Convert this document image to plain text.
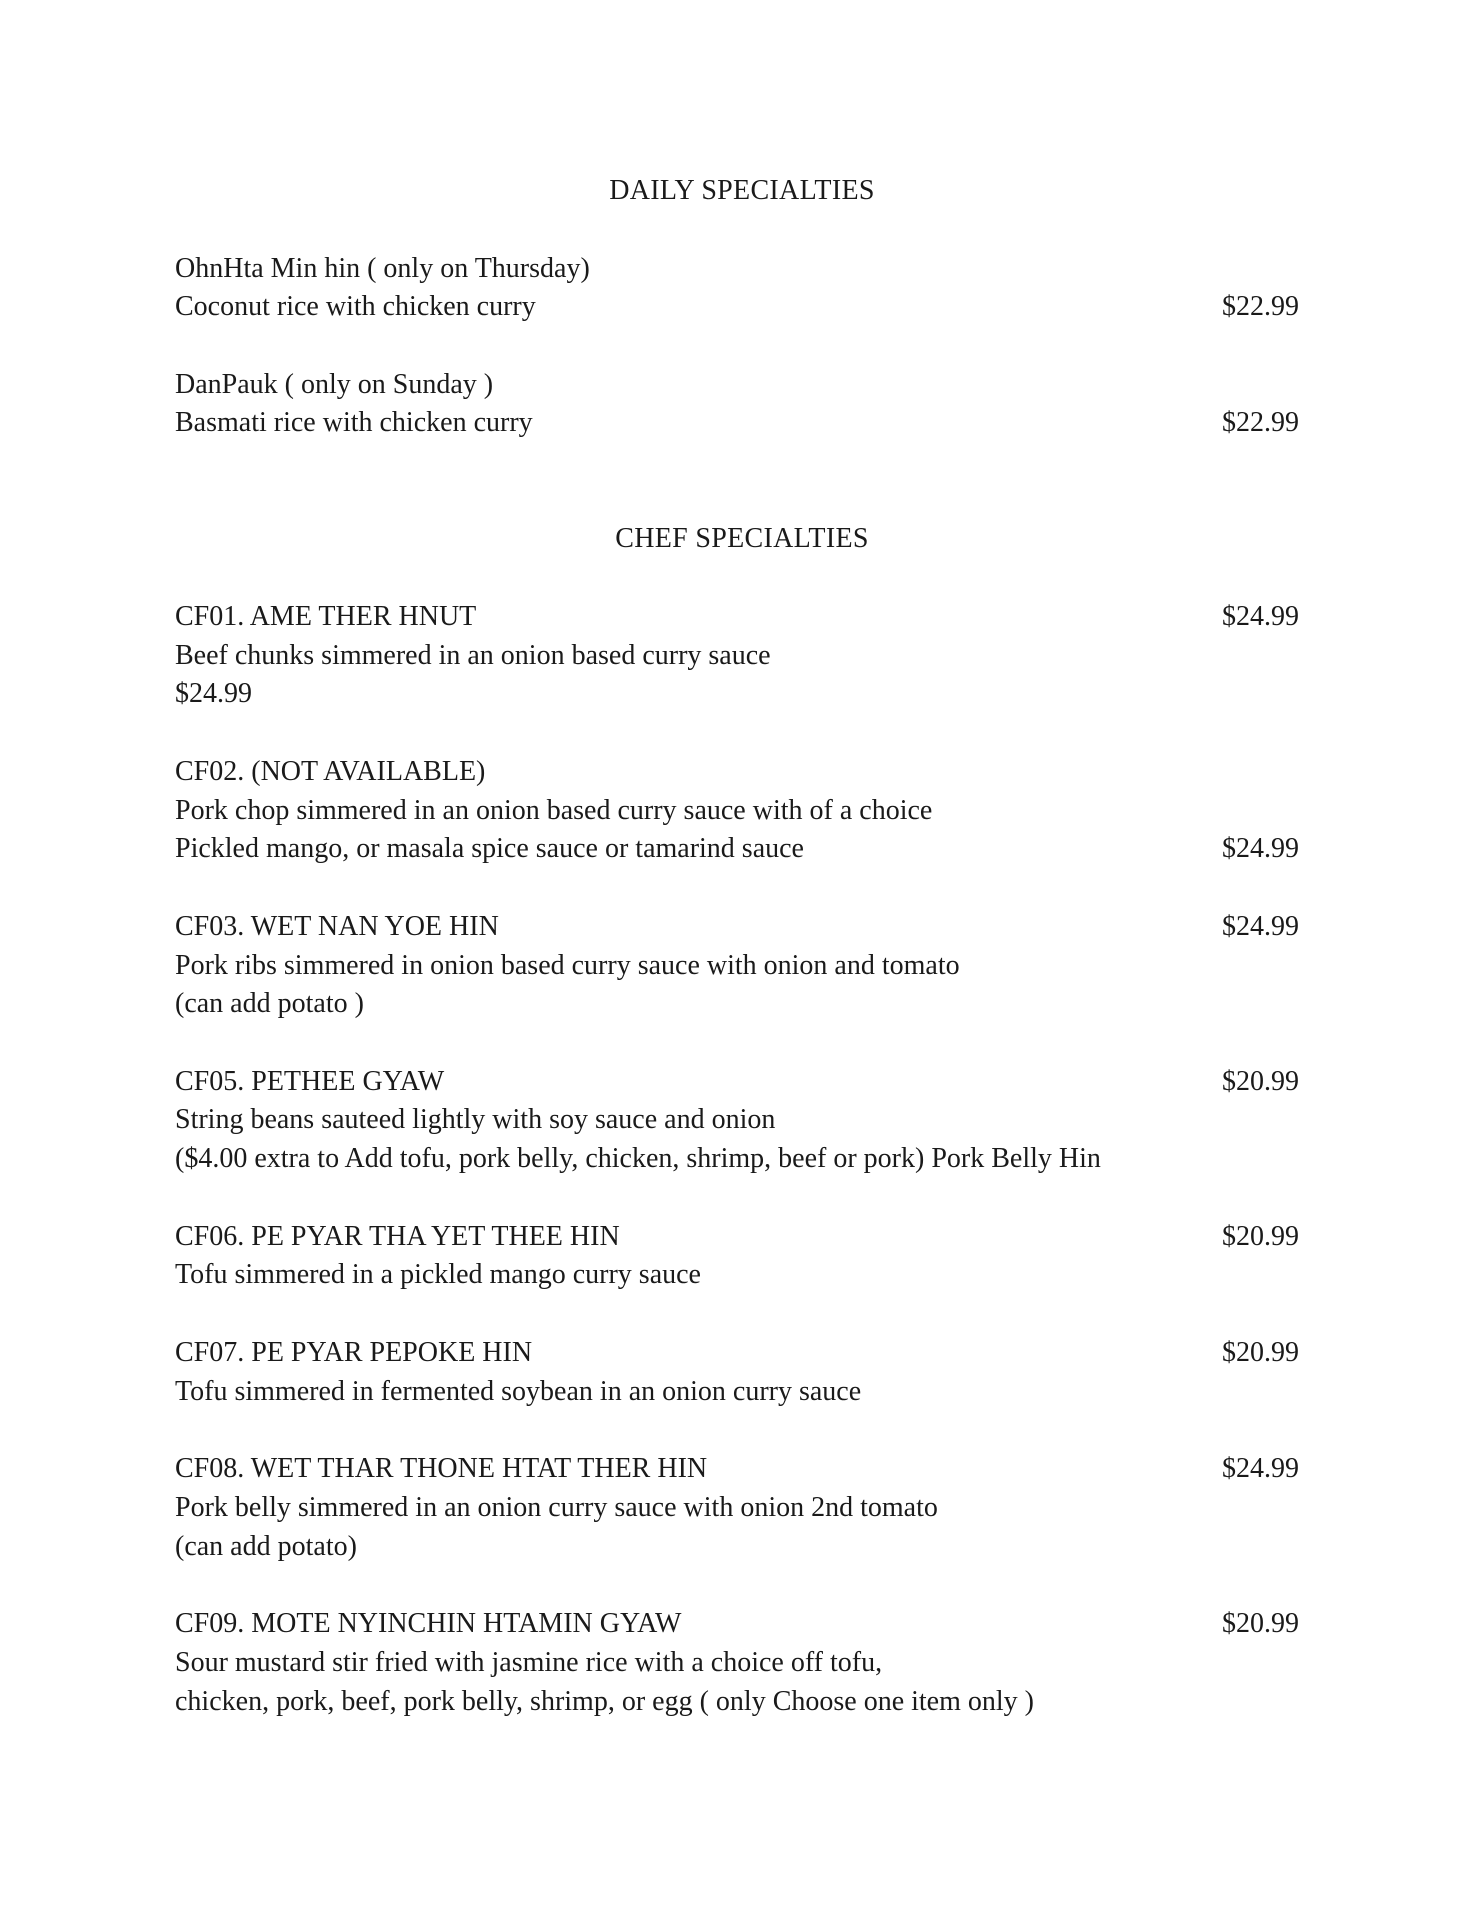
DAILY SPECIALTIES
OhnHta Min hin ( only on Thursday)
Coconut rice with chicken curry	$22.99
DanPauk ( only on Sunday )
Basmati rice with chicken curry	$22.99
CHEF SPECIALTIES
CF01. AME THER HNUT	$24.99
Beef chunks simmered in an onion based curry sauce
$24.99
CF02. (NOT AVAILABLE)
Pork chop simmered in an onion based curry sauce with of a choice
Pickled mango, or masala spice sauce or tamarind sauce	$24.99
CF03. WET NAN YOE HIN	$24.99
Pork ribs simmered in onion based curry sauce with onion and tomato
(can add potato )
CF05. PETHEE GYAW	$20.99
String beans sauteed lightly with soy sauce and onion
($4.00 extra to Add tofu, pork belly, chicken, shrimp, beef or pork) Pork Belly Hin
CF06. PE PYAR THA YET THEE HIN	$20.99
Tofu simmered in a pickled mango curry sauce
CF07. PE PYAR PEPOKE HIN	$20.99
Tofu simmered in fermented soybean in an onion curry sauce
CF08. WET THAR THONE HTAT THER HIN	$24.99
Pork belly simmered in an onion curry sauce with onion 2nd tomato
(can add potato)
CF09. MOTE NYINCHIN HTAMIN GYAW	$20.99
Sour mustard stir fried with jasmine rice with a choice off tofu,
chicken, pork, beef, pork belly, shrimp, or egg ( only Choose one item only )
